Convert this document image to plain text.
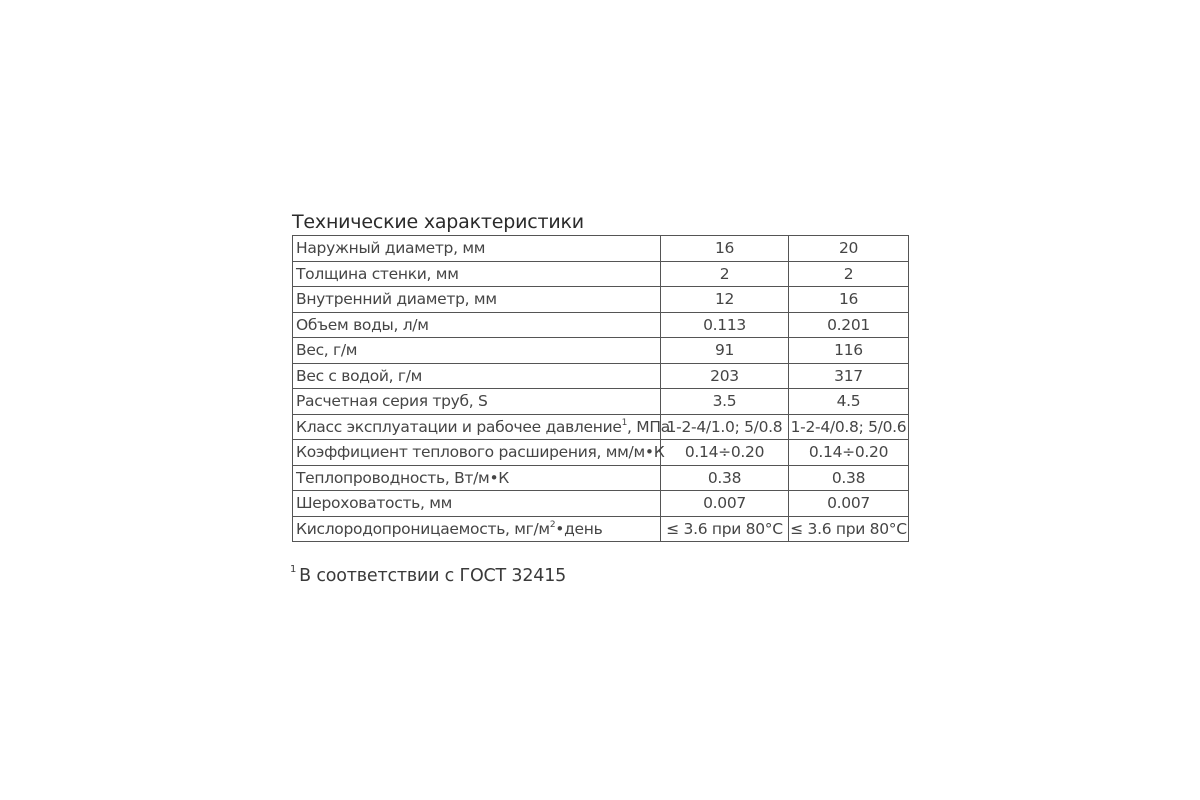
Технические характеристики
Наружный диаметр, мм	16	20
Толщина стенки, мм	2	2
Внутренний диаметр, мм	12	16
Объем воды, л/м	0.113	0.201
Вес, г/м	91	116
Вес с водой, г/м	203	317
Расчетная серия труб, S	3.5	4.5
Класс эксплуатации и рабочее давление$^1$, МПа	1-2-4/1.0; 5/0.8	1-2-4/0.8; 5/0.6
Коэффициент теплового расширения, мм/м•К	0.14÷0.20	0.14÷0.20
Теплопроводность, Вт/м•К	0.38	0.38
Шероховатость, мм	0.007	0.007
Кислородопроницаемость, $мг/м^2•день$	≤ 3.6 при 80°C	≤ 3.6 при 80°C
$^1$ В соответствии с ГОСТ 32415
